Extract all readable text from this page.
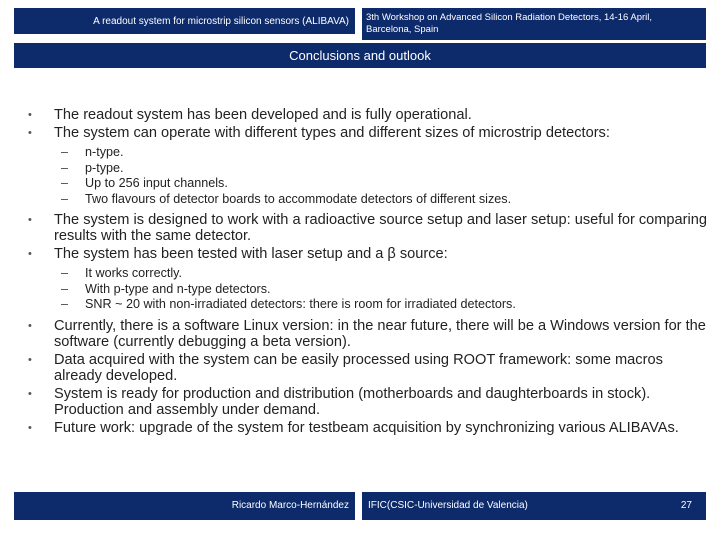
A readout system for microstrip silicon sensors (ALIBAVA)	3th Workshop on Advanced Silicon Radiation Detectors, 14-16 April,
Barcelona, Spain
Conclusions and outlook
• The readout system has been developed and is fully operational.
• The system can operate with different types and different sizes of microstrip detectors:
– n-type.
– p-type.
– Up to 256 input channels.
– Two flavours of detector boards to accommodate detectors of different sizes.
• The system is designed to work with a radioactive source setup and laser setup: useful for comparing results with the same detector.
• The system has been tested with laser setup and a β source:
– It works correctly.
– With p-type and n-type detectors.
– SNR ~ 20 with non-irradiated detectors: there is room for irradiated detectors.
• Currently, there is a software Linux version: in the near future, there will be a Windows version for the software (currently debugging a beta version).
• Data acquired with the system can be easily processed using ROOT framework: some macros already developed.
• System is ready for production and distribution (motherboards and daughterboards in stock). Production and assembly under demand.
• Future work: upgrade of the system for testbeam acquisition by synchronizing various ALIBAVAs.
Ricardo Marco-Hernández	IFIC(CSIC-Universidad de Valencia)	27
